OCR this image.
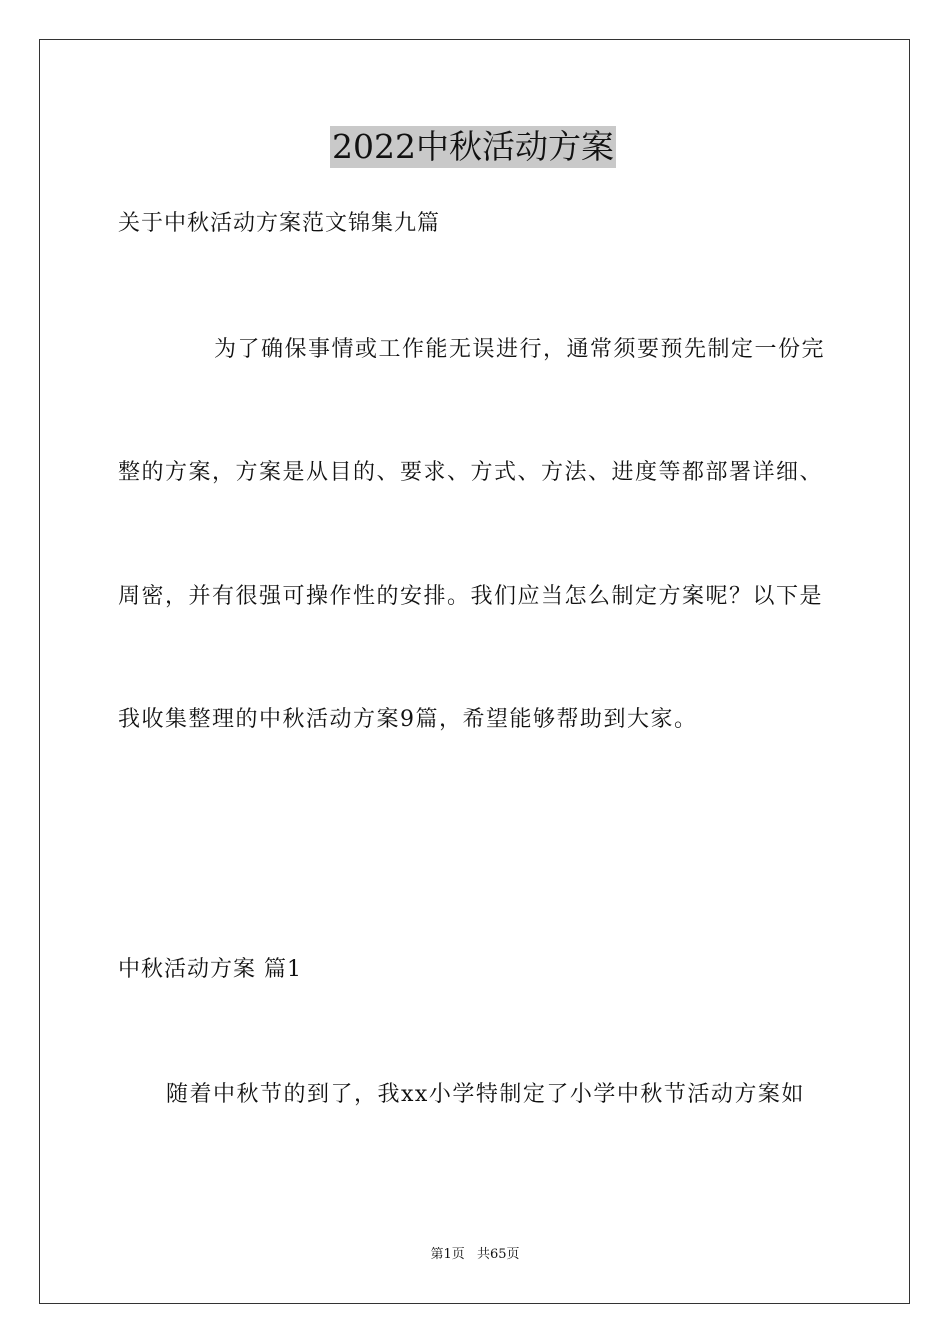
2022中秋活动方案
关于中秋活动方案范文锦集九篇
为了确保事情或工作能无误进行，通常须要预先制定一份完
整的方案，方案是从目的、要求、方式、方法、进度等都部署详细、
周密，并有很强可操作性的安排。我们应当怎么制定方案呢？以下是
我收集整理的中秋活动方案9篇，希望能够帮助到大家。
中秋活动方案 篇1
随着中秋节的到了，我xx小学特制定了小学中秋节活动方案如
第1页 共65页
